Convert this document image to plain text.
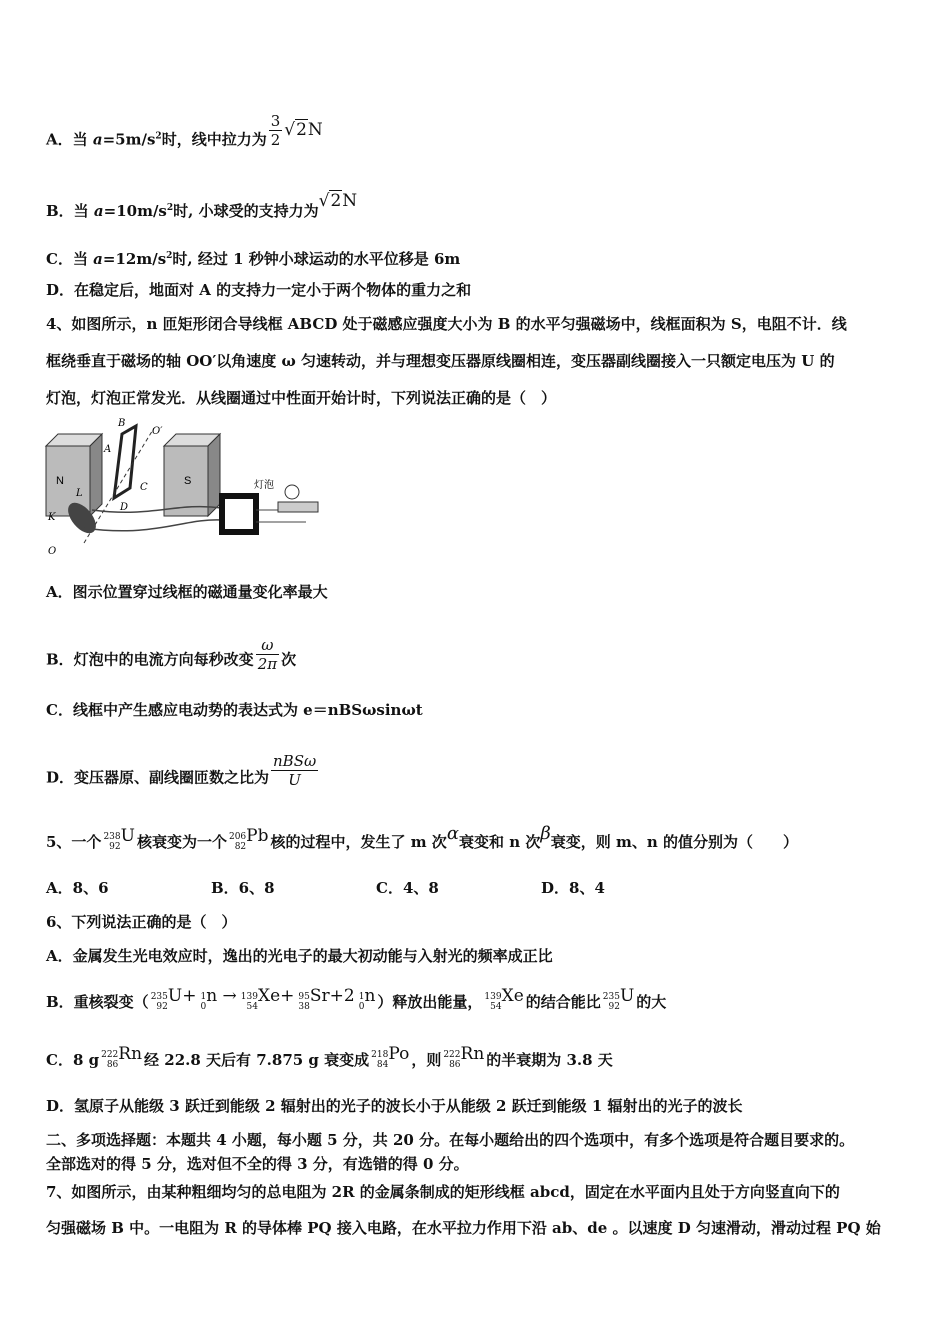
A．当 $a=5m/s^2$时，线中拉力为 $\frac{3}{2} √2N$
B．当 $a=10m/s^2$时, 小球受的支持力为√2N
C．当 $a=12m/s^2$时, 经过 1 秒钟小球运动的水平位移是 6m
D．在稳定后，地面对 A 的支持力一定小于两个物体的重力之和
4、如图所示，n 匝矩形闭合导线框 ABCD 处于磁感应强度大小为 B 的水平匀强磁场中，线框面积为 S，电阻不计．线
框绕垂直于磁场的轴 OO′以角速度 ω 匀速转动，并与理想变压器原线圈相连，变压器副线圈接入一只额定电压为 U 的
灯泡，灯泡正常发光．从线圈通过中性面开始计时，下列说法正确的是（　）
N	S
A
B
C
D
O′
L
K
O
灯泡
A．图示位置穿过线框的磁通量变化率最大
B．灯泡中的电流方向每秒改变 $\frac{\omega}{2\pi}$ 次
C．线框中产生感应电动势的表达式为 e＝nBSωsinωt
D．变压器原、副线圈匝数之比为 $\frac{\text{nBSω}}{U}$
5、一个 238
92
U 核衰变为一个 206
82
Pb 核的过程中，发生了 m 次α衰变和 n 次β衰变，则 m、n 的值分别为（　　）
A．8、6	B．6、8	C．4、8	D．8、4
6、下列说法正确的是（　）
A．金属发生光电效应时，逸出的光电子的最大初动能与入射光的频率成正比
B．重核裂变（ 235
92
U+ 1
0
n → 139
54
Xe+ 95
38
Sr+2 1
0
n ）释放出能量， 139
54
Xe 的结合能比 235
92
U 的大
C．8 g 222
86
Rn 经 22.8 天后有 7.875 g 衰变成 218
84
Po ，则 222
86
Rn 的半衰期为 3.8 天
D．氢原子从能级 3 跃迁到能级 2 辐射出的光子的波长小于从能级 2 跃迁到能级 1 辐射出的光子的波长
二、多项选择题：本题共 4 小题，每小题 5 分，共 20 分。在每小题给出的四个选项中，有多个选项是符合题目要求的。
全部选对的得 5 分，选对但不全的得 3 分，有选错的得 0 分。
7、如图所示，由某种粗细均匀的总电阻为 2R 的金属条制成的矩形线框 abcd，固定在水平面内且处于方向竖直向下的
匀强磁场 B 中。一电阻为 R 的导体棒 PQ 接入电路，在水平拉力作用下沿 ab、de 。以速度 D 匀速滑动，滑动过程 PQ 始
